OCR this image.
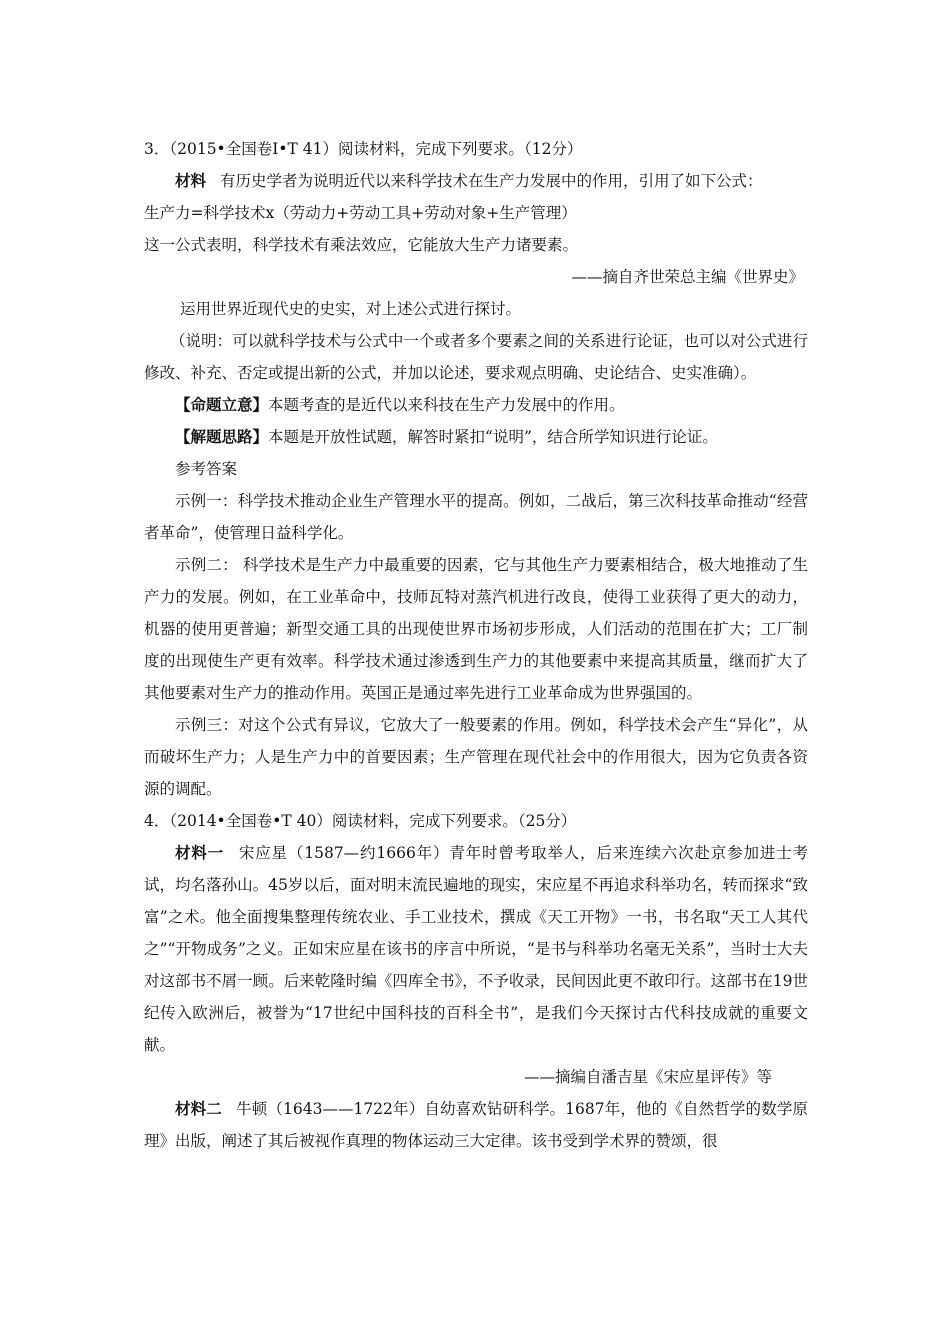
3．（2015•全国卷Ⅰ•T 41）阅读材料，完成下列要求。（12分）

材料 有历史学者为说明近代以来科学技术在生产力发展中的作用，引用了如下公式：

生产力=科学技术x（劳动力+劳动工具+劳动对象+生产管理）

这一公式表明，科学技术有乘法效应，它能放大生产力诸要素。

——摘自齐世荣总主编《世界史》

运用世界近现代史的史实，对上述公式进行探讨。

（说明：可以就科学技术与公式中一个或者多个要素之间的关系进行论证，也可以对公式进行修改、补充、否定或提出新的公式，并加以论述，要求观点明确、史论结合、史实准确）。

【命题立意】本题考查的是近代以来科技在生产力发展中的作用。

【解题思路】本题是开放性试题，解答时紧扣“说明”，结合所学知识进行论证。

参考答案

示例一：科学技术推动企业生产管理水平的提高。例如，二战后，第三次科技革命推动“经营者革命”，使管理日益科学化。

示例二： 科学技术是生产力中最重要的因素，它与其他生产力要素相结合，极大地推动了生产力的发展。例如，在工业革命中，技师瓦特对蒸汽机进行改良，使得工业获得了更大的动力，机器的使用更普遍；新型交通工具的出现使世界市场初步形成，人们活动的范围在扩大；工厂制度的出现使生产更有效率。科学技术通过渗透到生产力的其他要素中来提高其质量，继而扩大了其他要素对生产力的推动作用。英国正是通过率先进行工业革命成为世界强国的。

示例三：对这个公式有异议，它放大了一般要素的作用。例如，科学技术会产生“异化”，从而破坏生产力；人是生产力中的首要因素；生产管理在现代社会中的作用很大，因为它负责各资源的调配。

4．（2014•全国卷•T 40）阅读材料，完成下列要求。（25分）

材料一 宋应星（1587—约1666年）青年时曾考取举人，后来连续六次赴京参加进士考试，均名落孙山。45岁以后，面对明末流民遍地的现实，宋应星不再追求科举功名，转而探求“致富”之术。他全面搜集整理传统农业、手工业技术，撰成《天工开物》一书，书名取“天工人其代之”“开物成务”之义。正如宋应星在该书的序言中所说，“是书与科举功名毫无关系”，当时士大夫对这部书不屑一顾。后来乾隆时编《四库全书》，不予收录，民间因此更不敢印行。这部书在19世纪传入欧洲后，被誉为“17世纪中国科技的百科全书”，是我们今天探讨古代科技成就的重要文献。

——摘编自潘吉星《宋应星评传》等

材料二 牛顿（1643——1722年）自幼喜欢钻研科学。1687年，他的《自然哲学的数学原理》出版，阐述了其后被视作真理的物体运动三大定律。该书受到学术界的赞颂，很
